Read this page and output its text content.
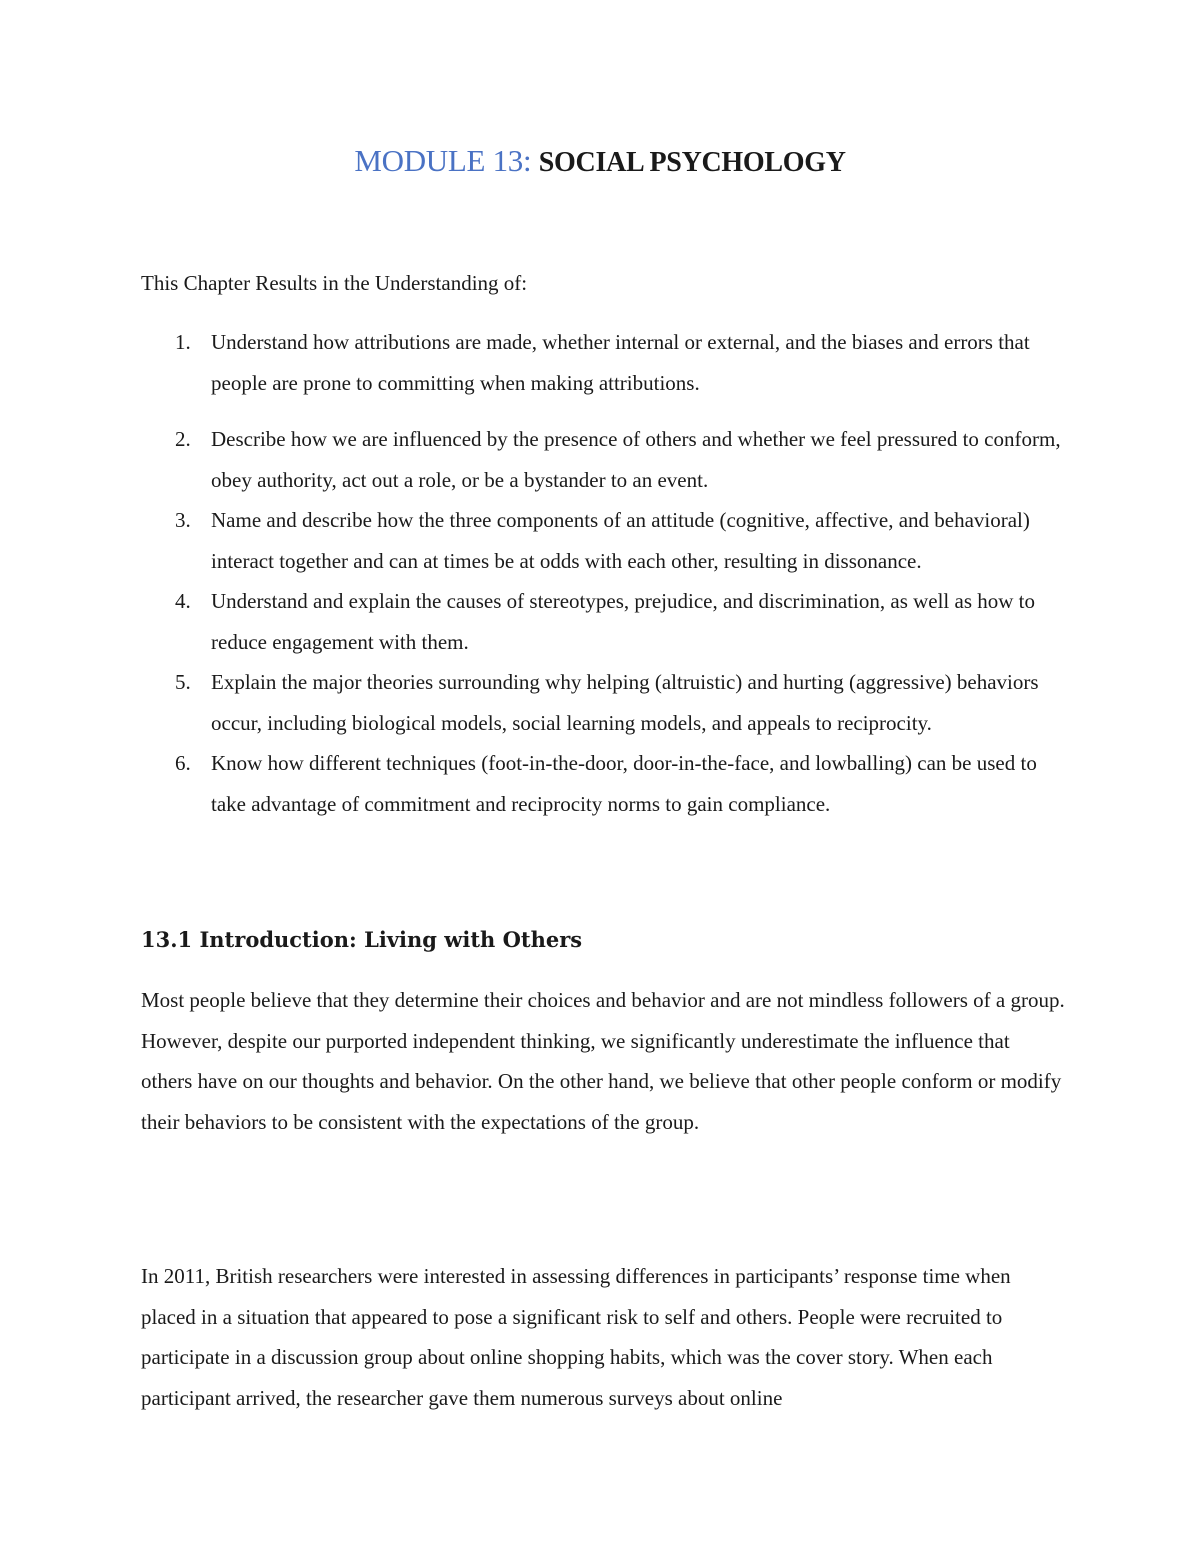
MODULE 13: SOCIAL PSYCHOLOGY

This Chapter Results in the Understanding of:

1. Understand how attributions are made, whether internal or external, and the biases and errors that people are prone to committing when making attributions.
2. Describe how we are influenced by the presence of others and whether we feel pressured to conform, obey authority, act out a role, or be a bystander to an event.
3. Name and describe how the three components of an attitude (cognitive, affective, and behavioral) interact together and can at times be at odds with each other, resulting in dissonance.
4. Understand and explain the causes of stereotypes, prejudice, and discrimination, as well as how to reduce engagement with them.
5. Explain the major theories surrounding why helping (altruistic) and hurting (aggressive) behaviors occur, including biological models, social learning models, and appeals to reciprocity.
6. Know how different techniques (foot-in-the-door, door-in-the-face, and lowballing) can be used to take advantage of commitment and reciprocity norms to gain compliance.
13.1 Introduction: Living with Others

Most people believe that they determine their choices and behavior and are not mindless followers of a group. However, despite our purported independent thinking, we significantly underestimate the influence that others have on our thoughts and behavior. On the other hand, we believe that other people conform or modify their behaviors to be consistent with the expectations of the group.

In 2011, British researchers were interested in assessing differences in participants’ response time when placed in a situation that appeared to pose a significant risk to self and others. People were recruited to participate in a discussion group about online shopping habits, which was the cover story. When each participant arrived, the researcher gave them numerous surveys about online
